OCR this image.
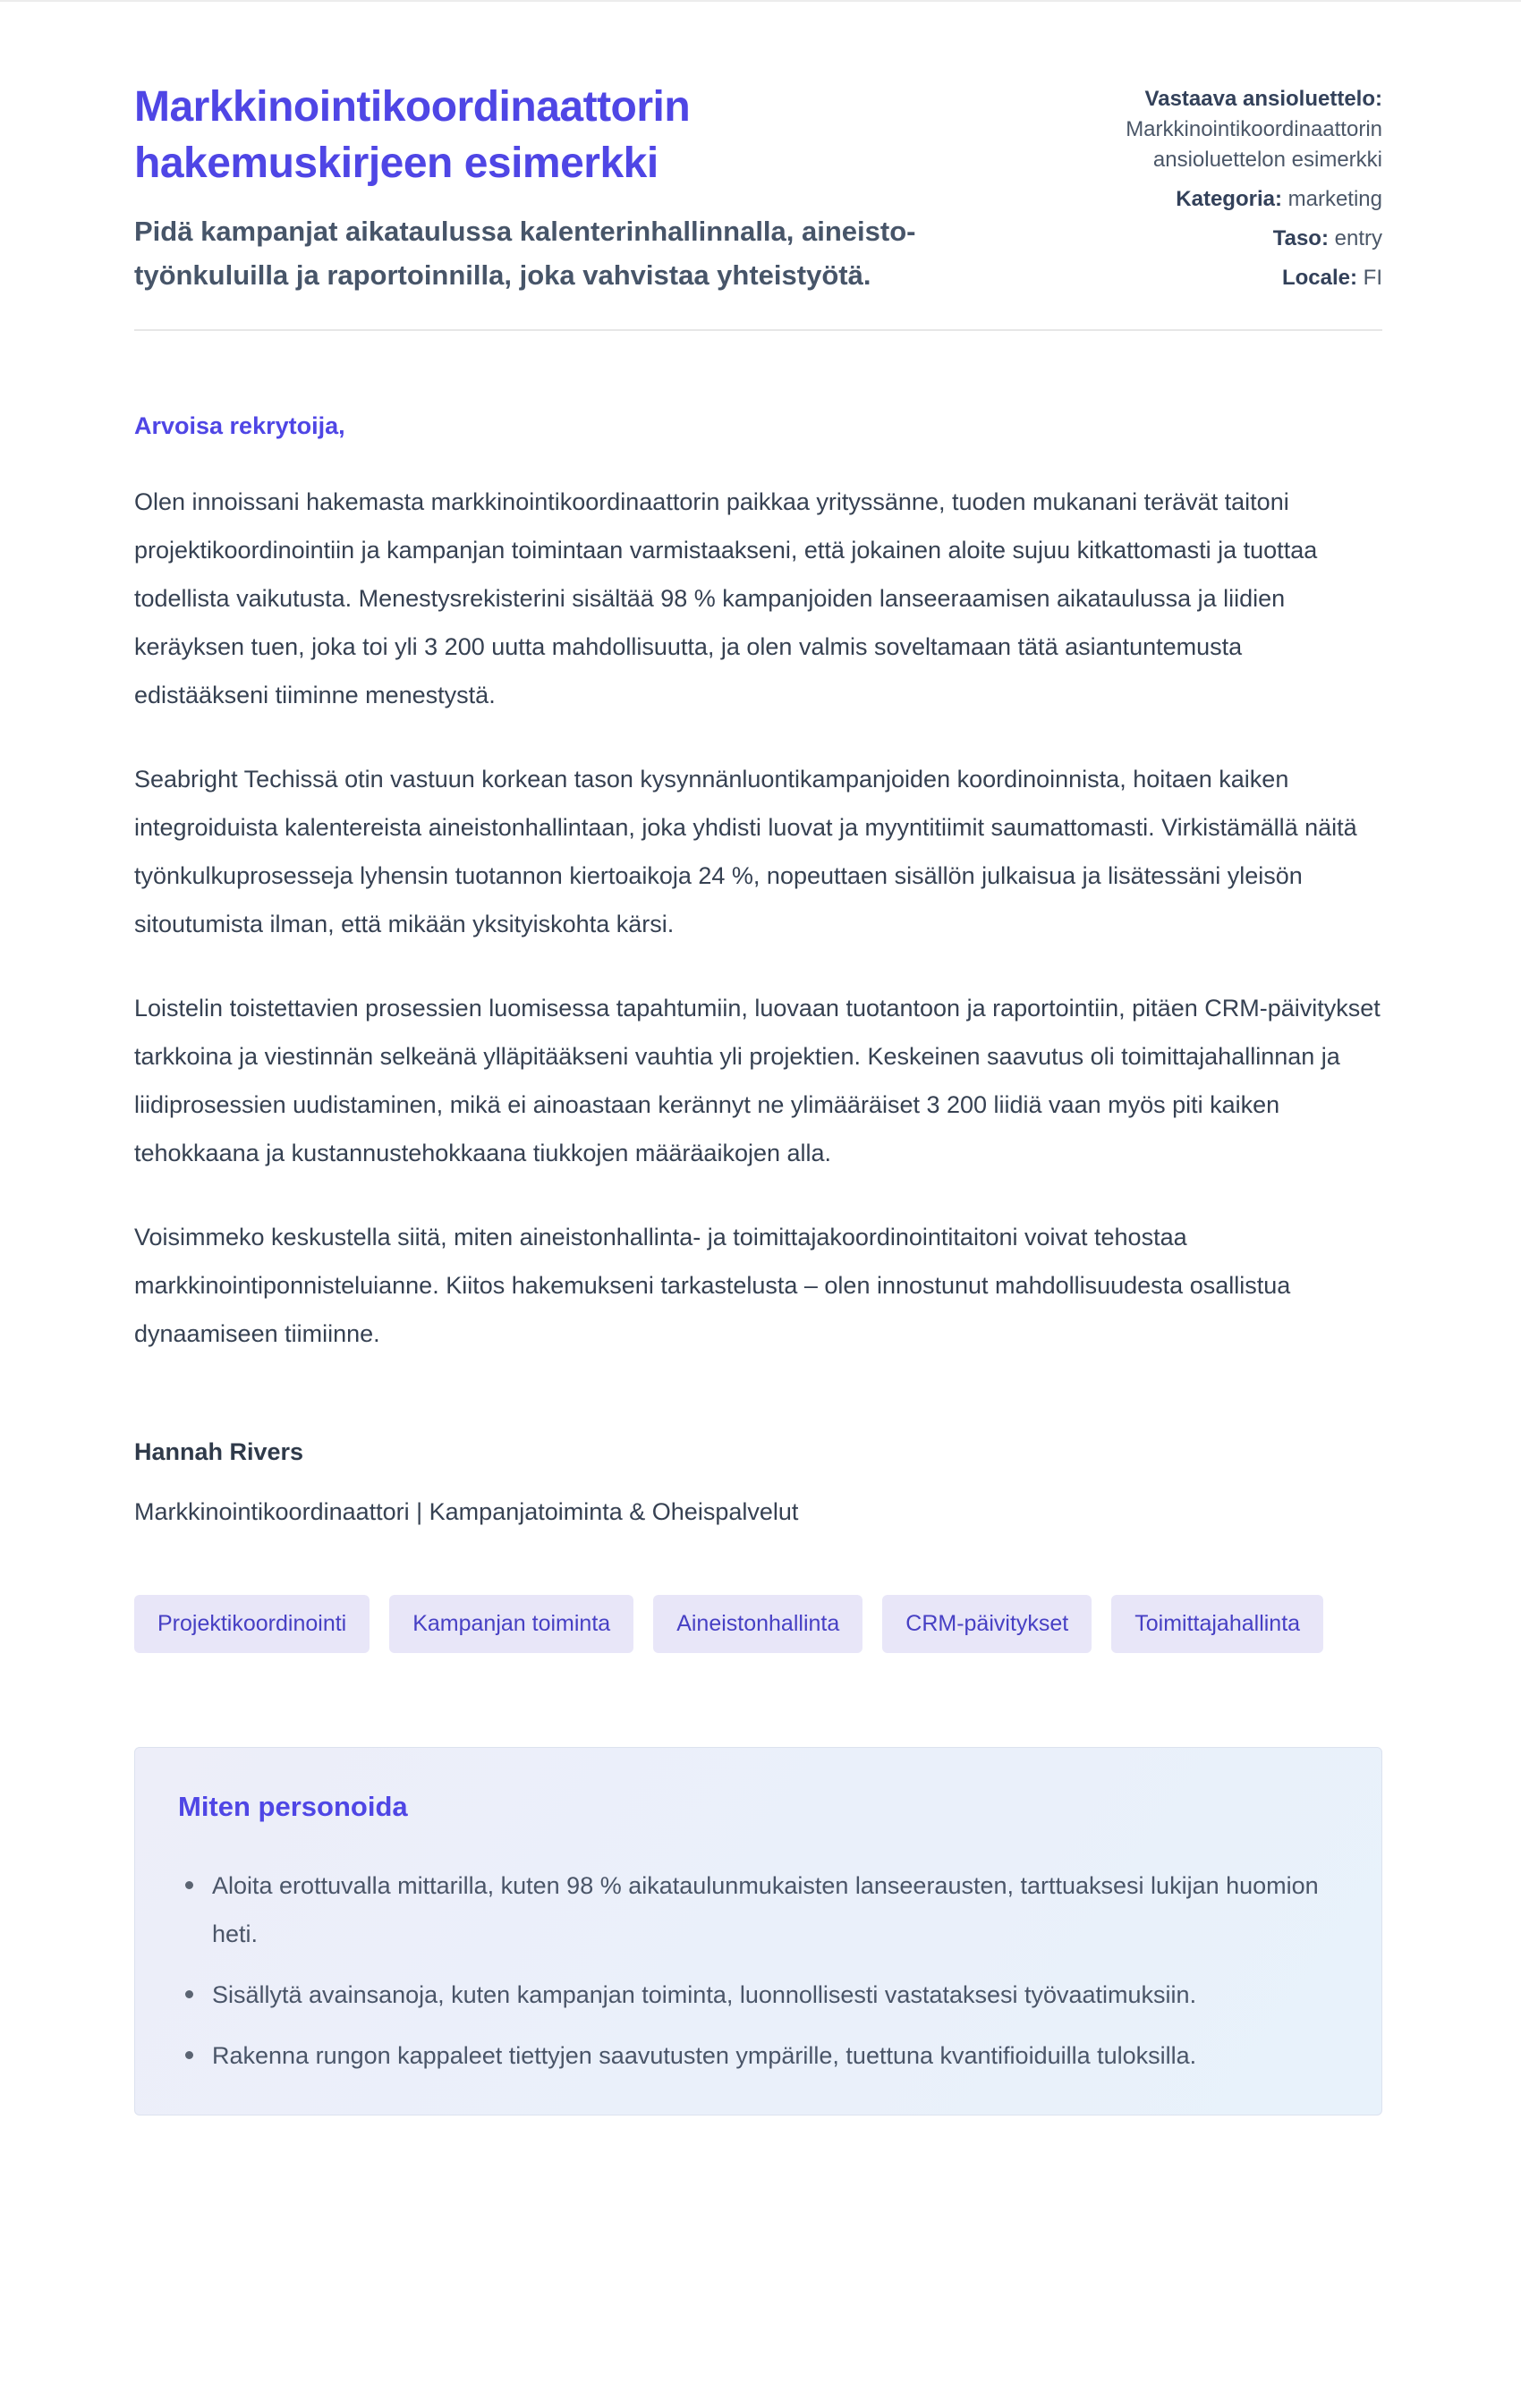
Markkinointikoordinaattorin hakemuskirjeen esimerkki

Pidä kampanjat aikataulussa kalenterinhallinnalla, aineisto-työnkuluilla ja raportoinnilla, joka vahvistaa yhteistyötä.

Vastaava ansioluettelo: Markkinointikoordinaattorin ansioluettelon esimerkki
Kategoria: marketing
Taso: entry
Locale: FI

Arvoisa rekrytoija,

Olen innoissani hakemasta markkinointikoordinaattorin paikkaa yrityssänne, tuoden mukanani terävät taitoni projektikoordinointiin ja kampanjan toimintaan varmistaakseni, että jokainen aloite sujuu kitkattomasti ja tuottaa todellista vaikutusta. Menestysrekisterini sisältää 98 % kampanjoiden lanseeraamisen aikataulussa ja liidien keräyksen tuen, joka toi yli 3 200 uutta mahdollisuutta, ja olen valmis soveltamaan tätä asiantuntemusta edistääkseni tiiminne menestystä.

Seabright Techissä otin vastuun korkean tason kysynnänluontikampanjoiden koordinoinnista, hoitaen kaiken integroiduista kalentereista aineistonhallintaan, joka yhdisti luovat ja myyntitiimit saumattomasti. Virkistämällä näitä työnkulkuprosesseja lyhensin tuotannon kiertoaikoja 24 %, nopeuttaen sisällön julkaisua ja lisätessäni yleisön sitoutumista ilman, että mikään yksityiskohta kärsi.

Loistelin toistettavien prosessien luomisessa tapahtumiin, luovaan tuotantoon ja raportointiin, pitäen CRM-päivitykset tarkkoina ja viestinnän selkeänä ylläpitääkseni vauhtia yli projektien. Keskeinen saavutus oli toimittajahallinnan ja liidiprosessien uudistaminen, mikä ei ainoastaan kerännyt ne ylimääräiset 3 200 liidiä vaan myös piti kaiken tehokkaana ja kustannustehokkaana tiukkojen määräaikojen alla.

Voisimmeko keskustella siitä, miten aineistonhallinta- ja toimittajakoordinointitaitoni voivat tehostaa markkinointiponnisteluianne. Kiitos hakemukseni tarkastelusta – olen innostunut mahdollisuudesta osallistua dynaamiseen tiimiinne.

Hannah Rivers

Markkinointikoordinaattori | Kampanjatoiminta & Oheispalvelut

Projektikoordinointi	Kampanjan toiminta	Aineistonhallinta	CRM-päivitykset	Toimittajahallinta
Miten personoida
Aloita erottuvalla mittarilla, kuten 98 % aikataulunmukaisten lanseerausten, tarttuaksesi lukijan huomion heti.
Sisällytä avainsanoja, kuten kampanjan toiminta, luonnollisesti vastataksesi työvaatimuksiin.
Rakenna rungon kappaleet tiettyjen saavutusten ympärille, tuettuna kvantifioiduilla tuloksilla.
